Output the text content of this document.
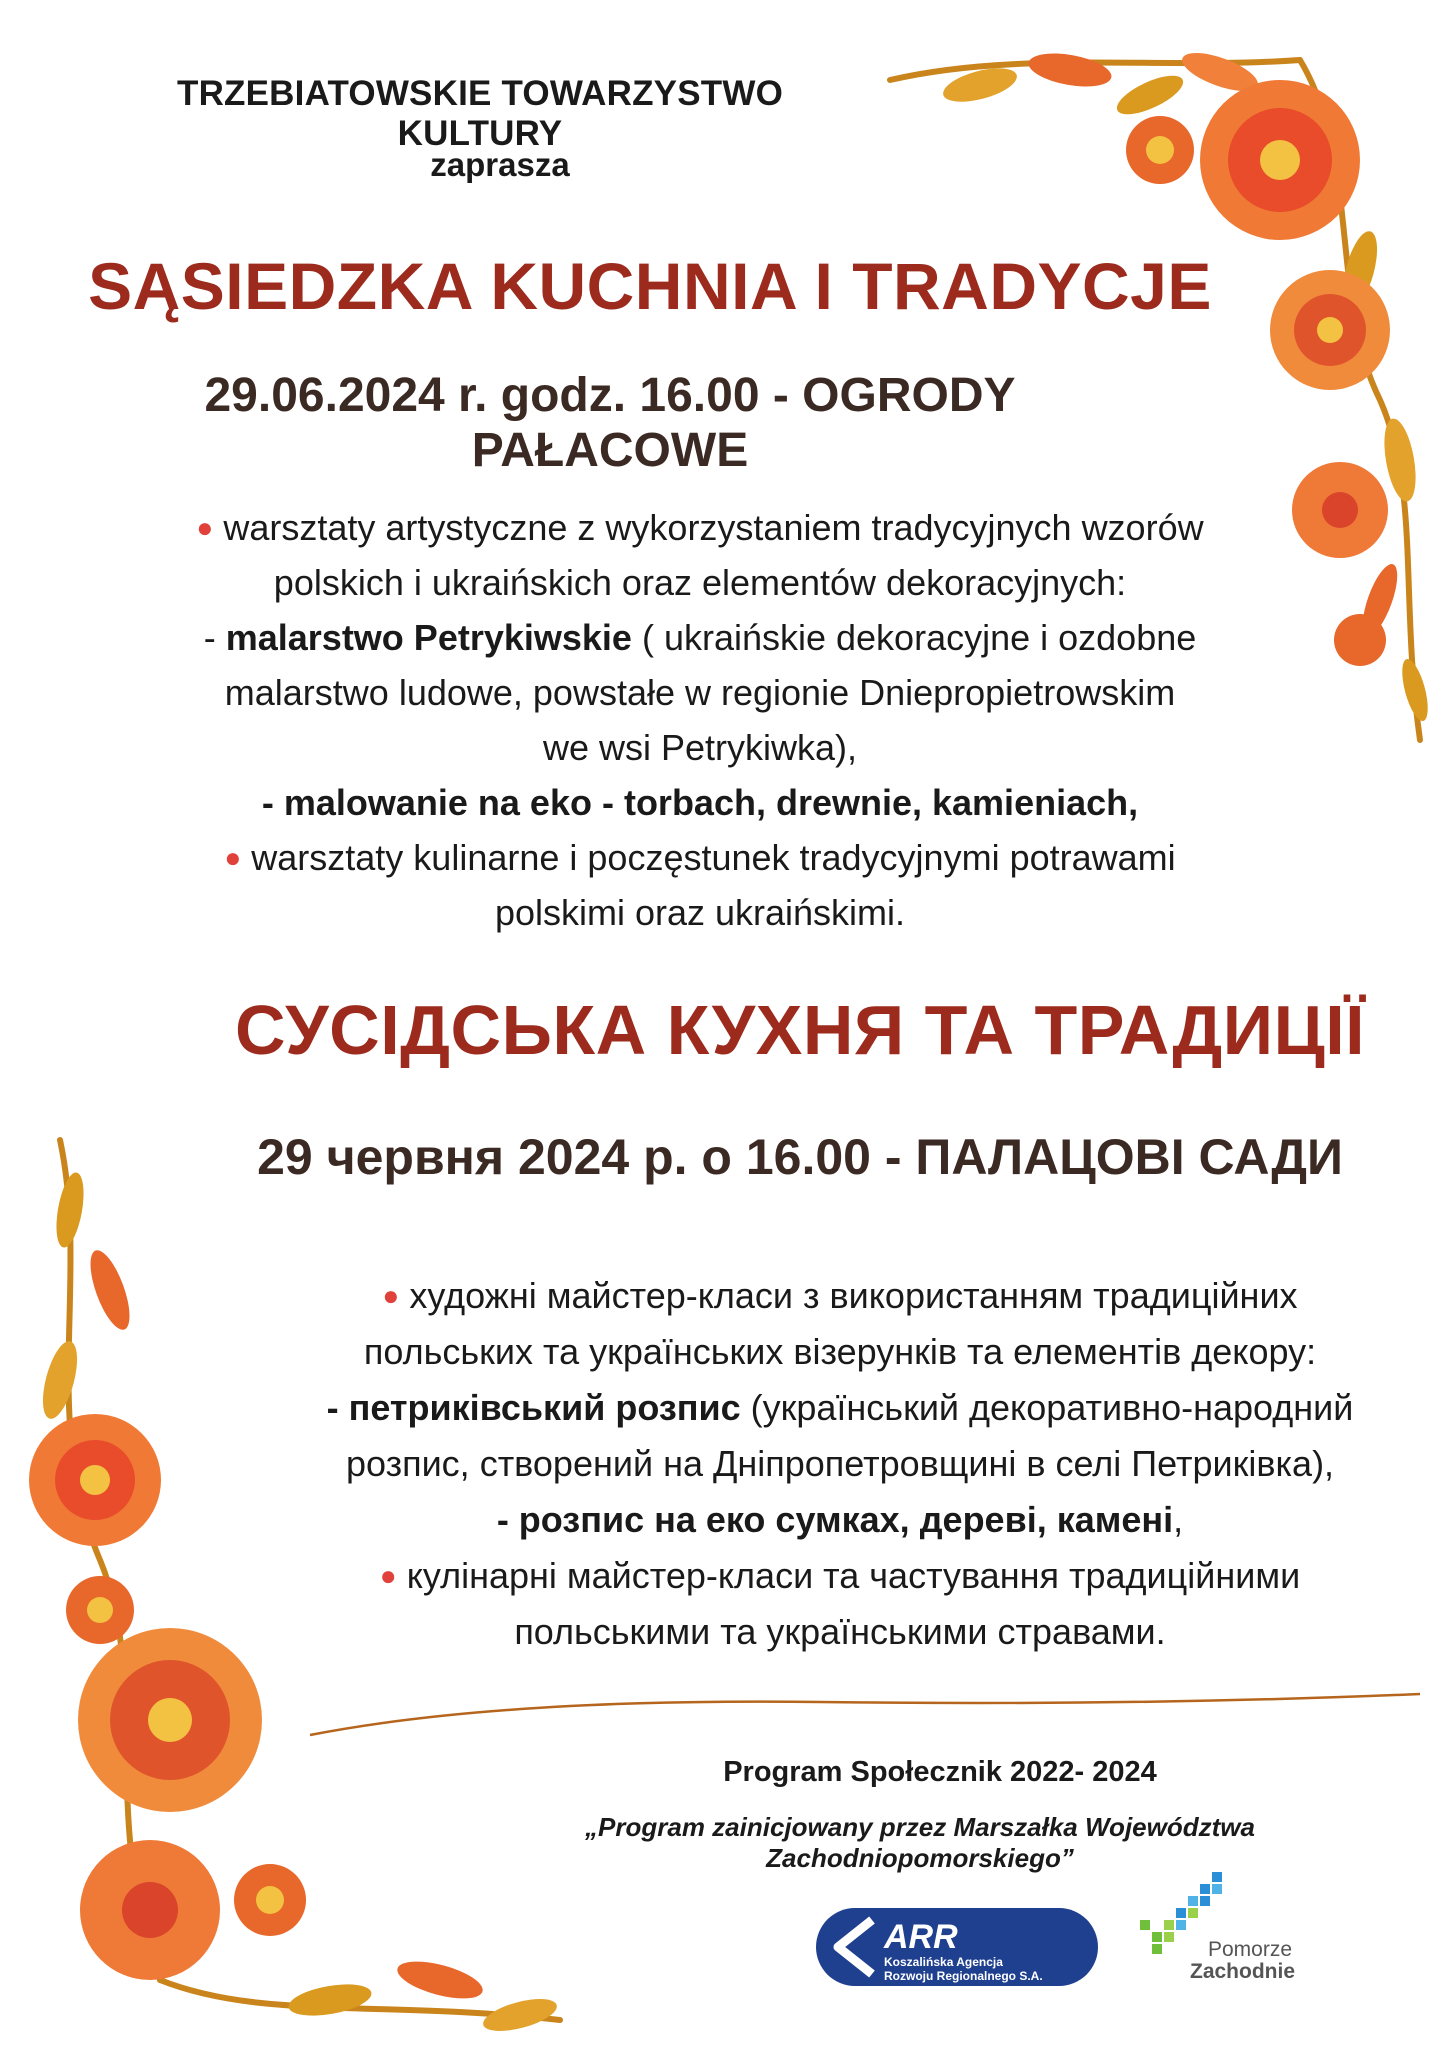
TRZEBIATOWSKIE TOWARZYSTWO KULTURY
zaprasza
SĄSIEDZKA KUCHNIA I TRADYCJE
29.06.2024 r. godz. 16.00 - OGRODY PAŁACOWE
● warsztaty artystyczne z wykorzystaniem tradycyjnych wzorów
polskich i ukraińskich oraz elementów dekoracyjnych:
- malarstwo Petrykiwskie ( ukraińskie dekoracyjne i ozdobne
malarstwo ludowe, powstałe w regionie Dniepropietrowskim
we wsi Petrykiwka),
- malowanie na eko - torbach, drewnie, kamieniach,
● warsztaty kulinarne i poczęstunek tradycyjnymi potrawami
polskimi oraz ukraińskimi.
СУСІДСЬКА КУХНЯ ТА ТРАДИЦІЇ
29 червня 2024 р. о 16.00 - ПАЛАЦОВІ САДИ
● художні майстер-класи з використанням традиційних
польських та українських візерунків та елементів декору:
- петриківський розпис (український декоративно-народний
розпис, створений на Дніпропетровщині в селі Петриківка),
- розпис на еко сумках, дереві, камені,
● кулінарні майстер-класи та частування традиційними
польськими та українськими стравами.
Program Społecznik 2022- 2024
„Program zainicjowany przez Marszałka Województwa Zachodniopomorskiego”
ARR
Koszalińska Agencja
Rozwoju Regionalnego S.A.
Pomorze
Zachodnie
